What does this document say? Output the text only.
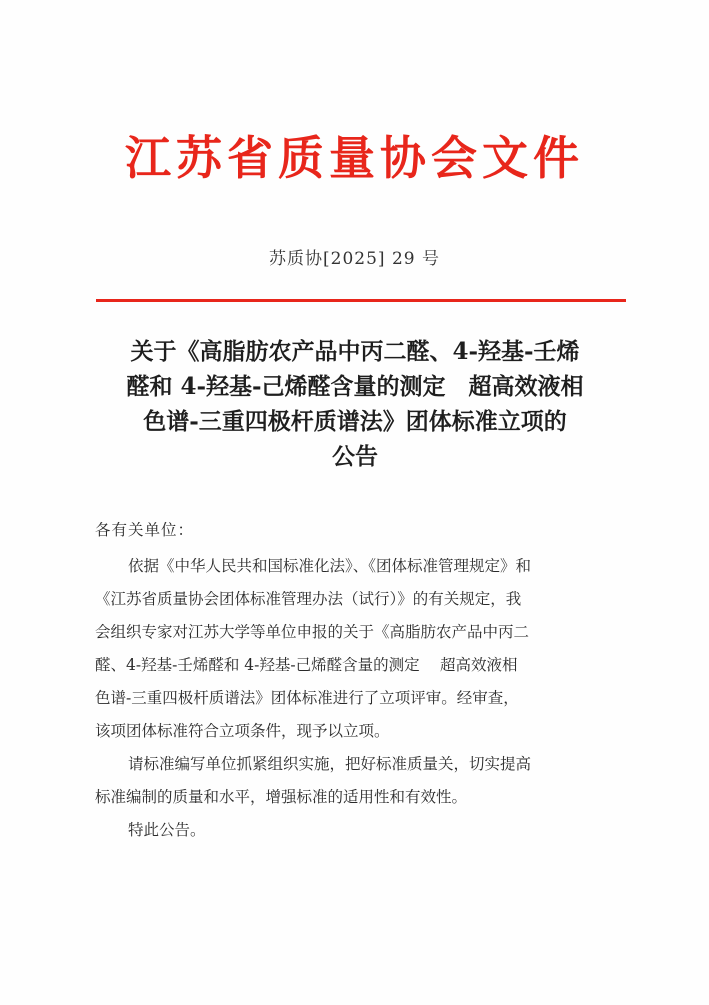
江苏省质量协会文件
苏质协[2025] 29 号
关于《高脂肪农产品中丙二醛、4-羟基-壬烯
醛和 4-羟基-己烯醛含量的测定　超高效液相
色谱-三重四极杆质谱法》团体标准立项的
公告
各有关单位：
依据《中华人民共和国标准化法》、《团体标准管理规定》和
《江苏省质量协会团体标准管理办法（试行）》的有关规定，我
会组织专家对江苏大学等单位申报的关于《高脂肪农产品中丙二
醛、4-羟基-壬烯醛和 4-羟基-己烯醛含量的测定　 超高效液相
色谱-三重四极杆质谱法》团体标准进行了立项评审。经审查，
该项团体标准符合立项条件，现予以立项。
请标准编写单位抓紧组织实施，把好标准质量关，切实提高
标准编制的质量和水平，增强标准的适用性和有效性。
特此公告。
